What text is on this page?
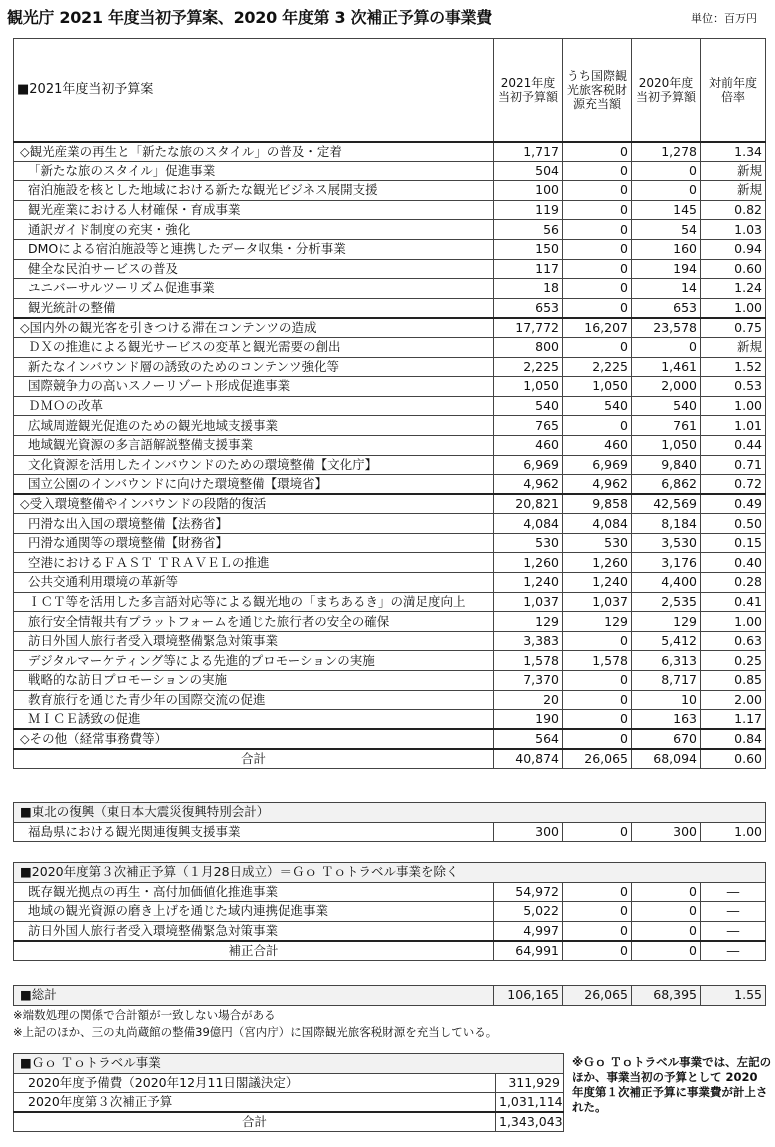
観光庁 2021 年度当初予算案、2020 年度第 3 次補正予算の事業費	単位：百万円
■2021年度当初予算案	2021年度当初予算額	うち国際観光旅客税財源充当額	2020年度当初予算額	対前年度倍率
◇観光産業の再生と「新たな旅のスタイル」の普及・定着	1,717	0	1,278	1.34
「新たな旅のスタイル」促進事業	504	0	0	新規
宿泊施設を核とした地域における新たな観光ビジネス展開支援	100	0	0	新規
観光産業における人材確保・育成事業	119	0	145	0.82
通訳ガイド制度の充実・強化	56	0	54	1.03
DMOによる宿泊施設等と連携したデータ収集・分析事業	150	0	160	0.94
健全な民泊サービスの普及	117	0	194	0.60
ユニバーサルツーリズム促進事業	18	0	14	1.24
観光統計の整備	653	0	653	1.00
◇国内外の観光客を引きつける滞在コンテンツの造成	17,772	16,207	23,578	0.75
ＤＸの推進による観光サービスの変革と観光需要の創出	800	0	0	新規
新たなインバウンド層の誘致のためのコンテンツ強化等	2,225	2,225	1,461	1.52
国際競争力の高いスノーリゾート形成促進事業	1,050	1,050	2,000	0.53
ＤＭＯの改革	540	540	540	1.00
広域周遊観光促進のための観光地域支援事業	765	0	761	1.01
地域観光資源の多言語解説整備支援事業	460	460	1,050	0.44
文化資源を活用したインバウンドのための環境整備【文化庁】	6,969	6,969	9,840	0.71
国立公園のインバウンドに向けた環境整備【環境省】	4,962	4,962	6,862	0.72
◇受入環境整備やインバウンドの段階的復活	20,821	9,858	42,569	0.49
円滑な出入国の環境整備【法務省】	4,084	4,084	8,184	0.50
円滑な通関等の環境整備【財務省】	530	530	3,530	0.15
空港におけるＦＡＳＴ ＴＲＡＶＥＬの推進	1,260	1,260	3,176	0.40
公共交通利用環境の革新等	1,240	1,240	4,400	0.28
ＩＣＴ等を活用した多言語対応等による観光地の「まちあるき」の満足度向上	1,037	1,037	2,535	0.41
旅行安全情報共有プラットフォームを通じた旅行者の安全の確保	129	129	129	1.00
訪日外国人旅行者受入環境整備緊急対策事業	3,383	0	5,412	0.63
デジタルマーケティング等による先進的プロモーションの実施	1,578	1,578	6,313	0.25
戦略的な訪日プロモーションの実施	7,370	0	8,717	0.85
教育旅行を通じた青少年の国際交流の促進	20	0	10	2.00
ＭＩＣＥ誘致の促進	190	0	163	1.17
◇その他（経常事務費等）	564	0	670	0.84
合計	40,874	26,065	68,094	0.60
■東北の復興（東日本大震災復興特別会計）
福島県における観光関連復興支援事業	300	0	300	1.00
■2020年度第３次補正予算（１月28日成立）＝Ｇｏ Ｔｏトラベル事業を除く				
既存観光拠点の再生・高付加価値化推進事業	54,972	0	0	―
地域の観光資源の磨き上げを通じた域内連携促進事業	5,022	0	0	―
訪日外国人旅行者受入環境整備緊急対策事業	4,997	0	0	―
補正合計	64,991	0	0	―
■総計	106,165	26,065	68,395	1.55
※端数処理の関係で合計額が一致しない場合がある
※上記のほか、三の丸尚蔵館の整備39億円（宮内庁）に国際観光旅客税財源を充当している。
■Ｇｏ Ｔｏトラベル事業	
2020年度予備費（2020年12月11日閣議決定）	311,929
2020年度第３次補正予算	1,031,114
合計	1,343,043
※Ｇｏ Ｔｏトラベル事業では、左記のほか、事業当初の予算として 2020 年度第１次補正予算に事業費が計上された。
